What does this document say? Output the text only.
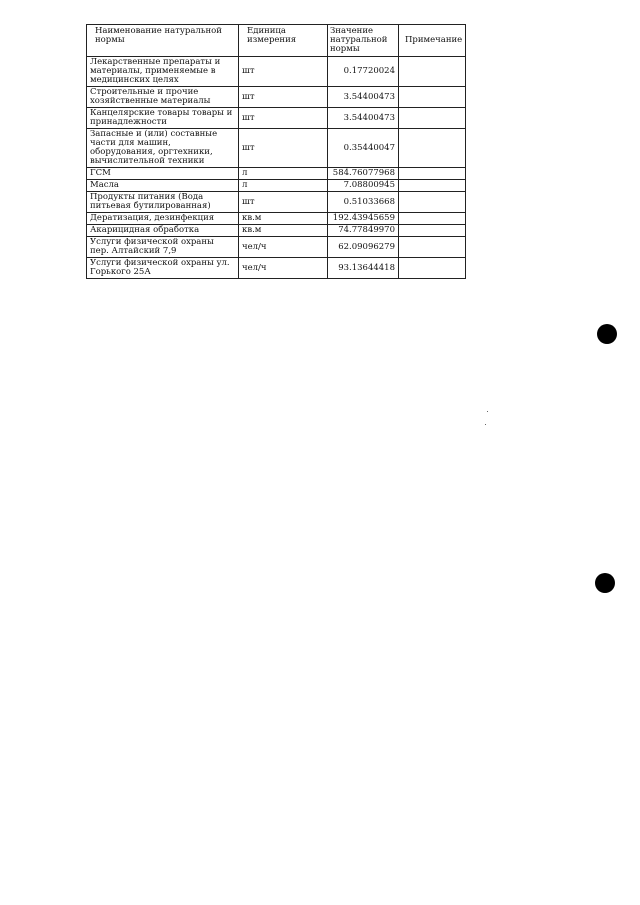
Наименование натуральной нормы	Единица измерения	Значение натуральной нормы	Примечание
Лекарственные препараты и материалы, применяемые в медицинских целях	шт	0.17720024	
Строительные и прочие хозяйственные материалы	шт	3.54400473	
Канцелярские товары товары и принадлежности	шт	3.54400473	
Запасные и (или) составные части для машин, оборудования, оргтехники, вычислительной техники	шт	0.35440047	
ГСМ	л	584.76077968	
Масла	л	7.08800945	
Продукты питания (Вода питьевая бутилированная)	шт	0.51033668	
Дератизация, дезинфекция	кв.м	192.43945659	
Акарицидная обработка	кв.м	74.77849970	
Услуги физической охраны пер. Алтайский 7,9	чел/ч	62.09096279	
Услуги физической охраны ул. Горького 25А	чел/ч	93.13644418	
